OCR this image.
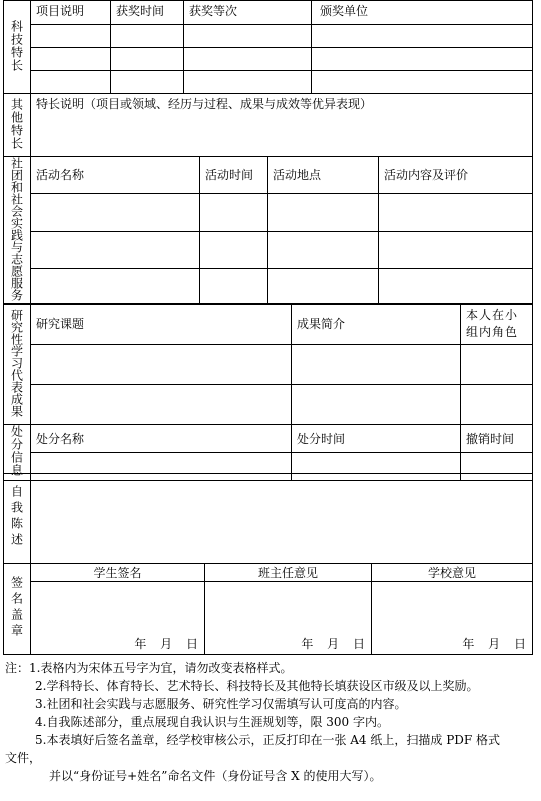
科技特长	项目说明	获奖时间	获奖等次	颁奖单位

其他特长	特长说明（项目或领域、经历与过程、成果与成效等优异表现）
社团和社会实践与志愿服务	活动名称	活动时间	活动地点	活动内容及评价

研究性学习代表成果	研究课题	成果简介	本人在小组内角色

处分信息	处分名称	处分时间	撤销时间

自我陈述	
签名盖章	学生签名	班主任意见	学校意见

	年 月 日	年 月 日	年 月 日
注：1.表格内为宋体五号字为宜，请勿改变表格样式。
2.学科特长、体育特长、艺术特长、科技特长及其他特长填获设区市级及以上奖励。
3.社团和社会实践与志愿服务、研究性学习仅需填写认可度高的内容。
4.自我陈述部分，重点展现自我认识与生涯规划等，限 300 字内。
5.本表填好后签名盖章，经学校审核公示，正反打印在一张 A4 纸上，扫描成 PDF 格式
文件，
并以“身份证号+姓名”命名文件（身份证号含 X 的使用大写）。
